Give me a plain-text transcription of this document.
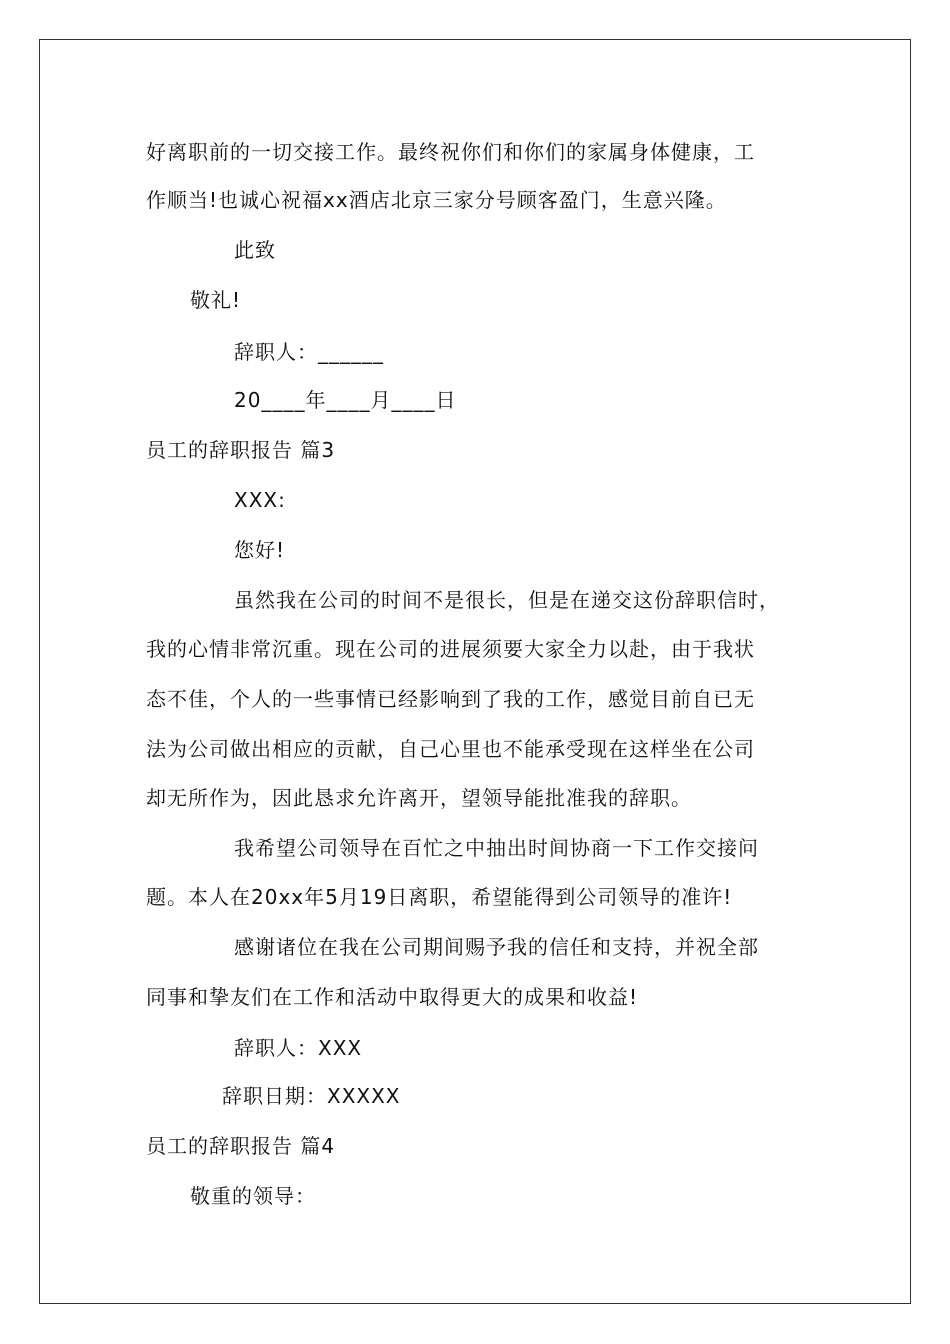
好离职前的一切交接工作。最终祝你们和你们的家属身体健康，工
作顺当!也诚心祝福xx酒店北京三家分号顾客盈门，生意兴隆。
此致
敬礼!
辞职人：______
20____年____月____日
员工的辞职报告 篇3
XXX:
您好!
虽然我在公司的时间不是很长，但是在递交这份辞职信时，
我的心情非常沉重。现在公司的进展须要大家全力以赴，由于我状
态不佳，个人的一些事情已经影响到了我的工作，感觉目前自已无
法为公司做出相应的贡献，自己心里也不能承受现在这样坐在公司
却无所作为，因此恳求允许离开，望领导能批准我的辞职。
我希望公司领导在百忙之中抽出时间协商一下工作交接问
题。本人在20xx年5月19日离职，希望能得到公司领导的准许!
感谢诸位在我在公司期间赐予我的信任和支持，并祝全部
同事和挚友们在工作和活动中取得更大的成果和收益!
辞职人：XXX
辞职日期：XXXXX
员工的辞职报告 篇4
敬重的领导：
